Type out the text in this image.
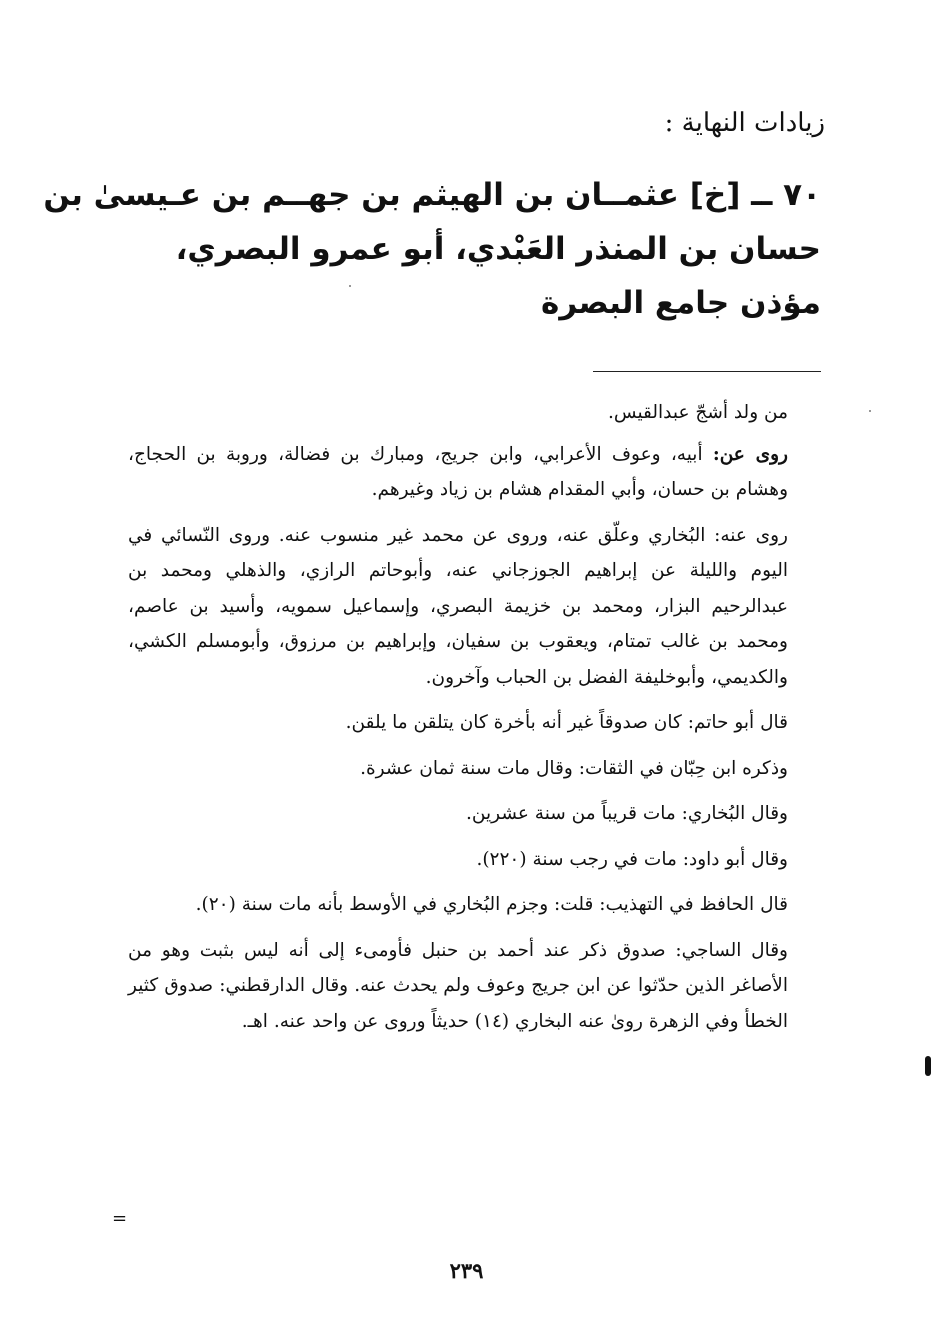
زيادات النهاية :
٧٠ ــ [خ] عثمــان بن الهيثم بن جهــم بن عـيسىٰ بن
حسان بن المنذر العَبْدي، أبو عمرو البصري،
مؤذن جامع البصرة

من ولد أشجّ عبدالقيس.

روى عن: أبيه، وعوف الأعرابي، وابن جريج، ومبارك بن فضالة، وروبة بن الحجاج، وهشام بن حسان، وأبي المقدام هشام بن زياد وغيرهم.

روى عنه: البُخاري وعلّق عنه، وروى عن محمد غير منسوب عنه. وروى النّسائي في اليوم والليلة عن إبراهيم الجوزجاني عنه، وأبوحاتم الرازي، والذهلي ومحمد بن عبدالرحيم البزار، ومحمد بن خزيمة البصري، وإسماعيل سمويه، وأسيد بن عاصم، ومحمد بن غالب تمتام، ويعقوب بن سفيان، وإبراهيم بن مرزوق، وأبومسلم الكشي، والكديمي، وأبوخليفة الفضل بن الحباب وآخرون.

قال أبو حاتم: كان صدوقاً غير أنه بأخرة كان يتلقن ما يلقن.

وذكره ابن حِبّان في الثقات: وقال مات سنة ثمان عشرة.

وقال البُخاري: مات قريباً من سنة عشرين.

وقال أبو داود: مات في رجب سنة (٢٢٠).

قال الحافظ في التهذيب: قلت: وجزم البُخاري في الأوسط بأنه مات سنة (٢٠).

وقال الساجي: صدوق ذكر عند أحمد بن حنبل فأومىء إلى أنه ليس بثبت وهو من الأصاغر الذين حدّثوا عن ابن جريج وعوف ولم يحدث عنه. وقال الدارقطني: صدوق كثير الخطأ وفي الزهرة روىٰ عنه البخاري (١٤) حديثاً وروى عن واحد عنه. اهـ.

=
٢٣٩
